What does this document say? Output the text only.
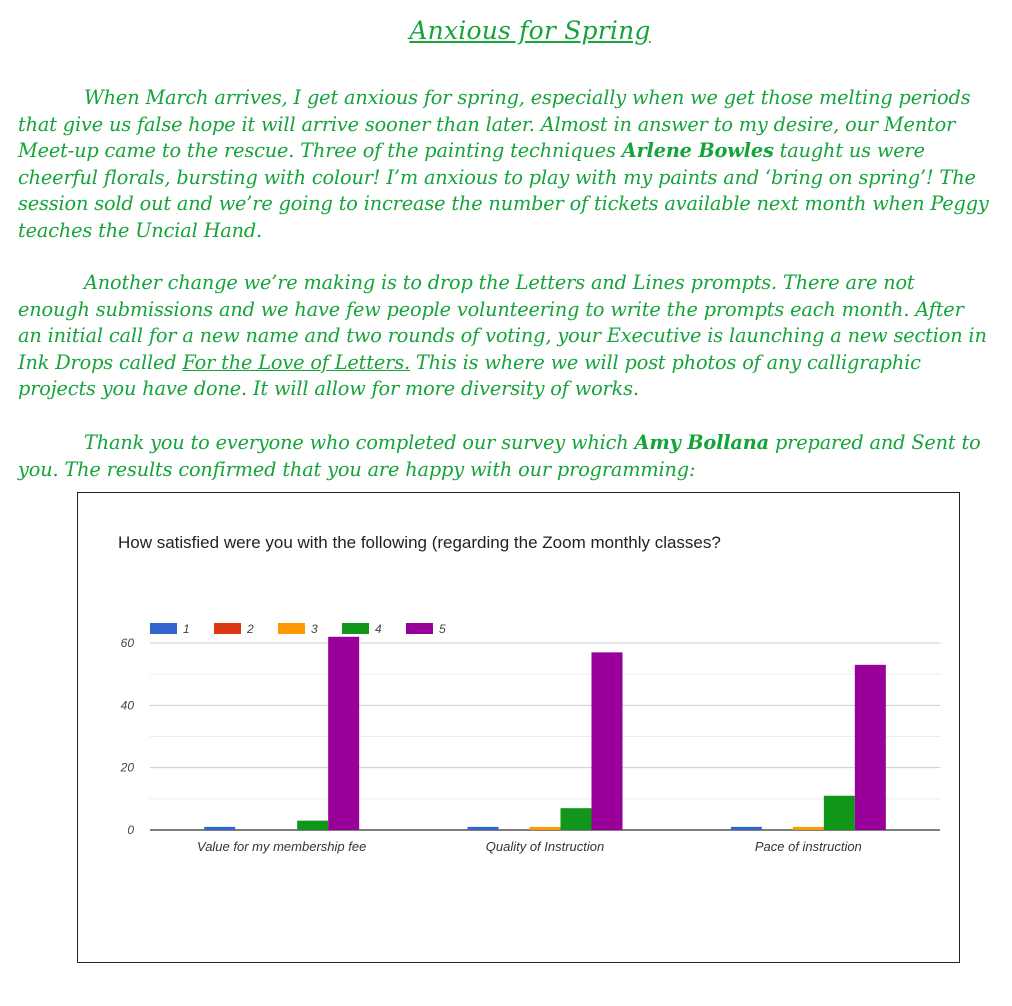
Anxious for Spring

When March arrives, I get anxious for spring, especially when we get those melting periods that give us false hope it will arrive sooner than later. Almost in answer to my desire, our Mentor Meet-up came to the rescue. Three of the painting techniques Arlene Bowles taught us were cheerful florals, bursting with colour! I’m anxious to play with my paints and ‘bring on spring’! The session sold out and we’re going to increase the number of tickets available next month when Peggy teaches the Uncial Hand.

Another change we’re making is to drop the Letters and Lines prompts. There are not enough submissions and we have few people volunteering to write the prompts each month. After an initial call for a new name and two rounds of voting, your Executive is launching a new section in Ink Drops called For the Love of Letters. This is where we will post photos of any calligraphic projects you have done. It will allow for more diversity of works.

Thank you to everyone who completed our survey which Amy Bollana prepared and Sent to you. The results confirmed that you are happy with our programming:

How satisfied were you with the following (regarding the Zoom monthly classes?
0
20
40
60
1	2	3	4	5
Value for my membership fee	Quality of Instruction	Pace of instruction
